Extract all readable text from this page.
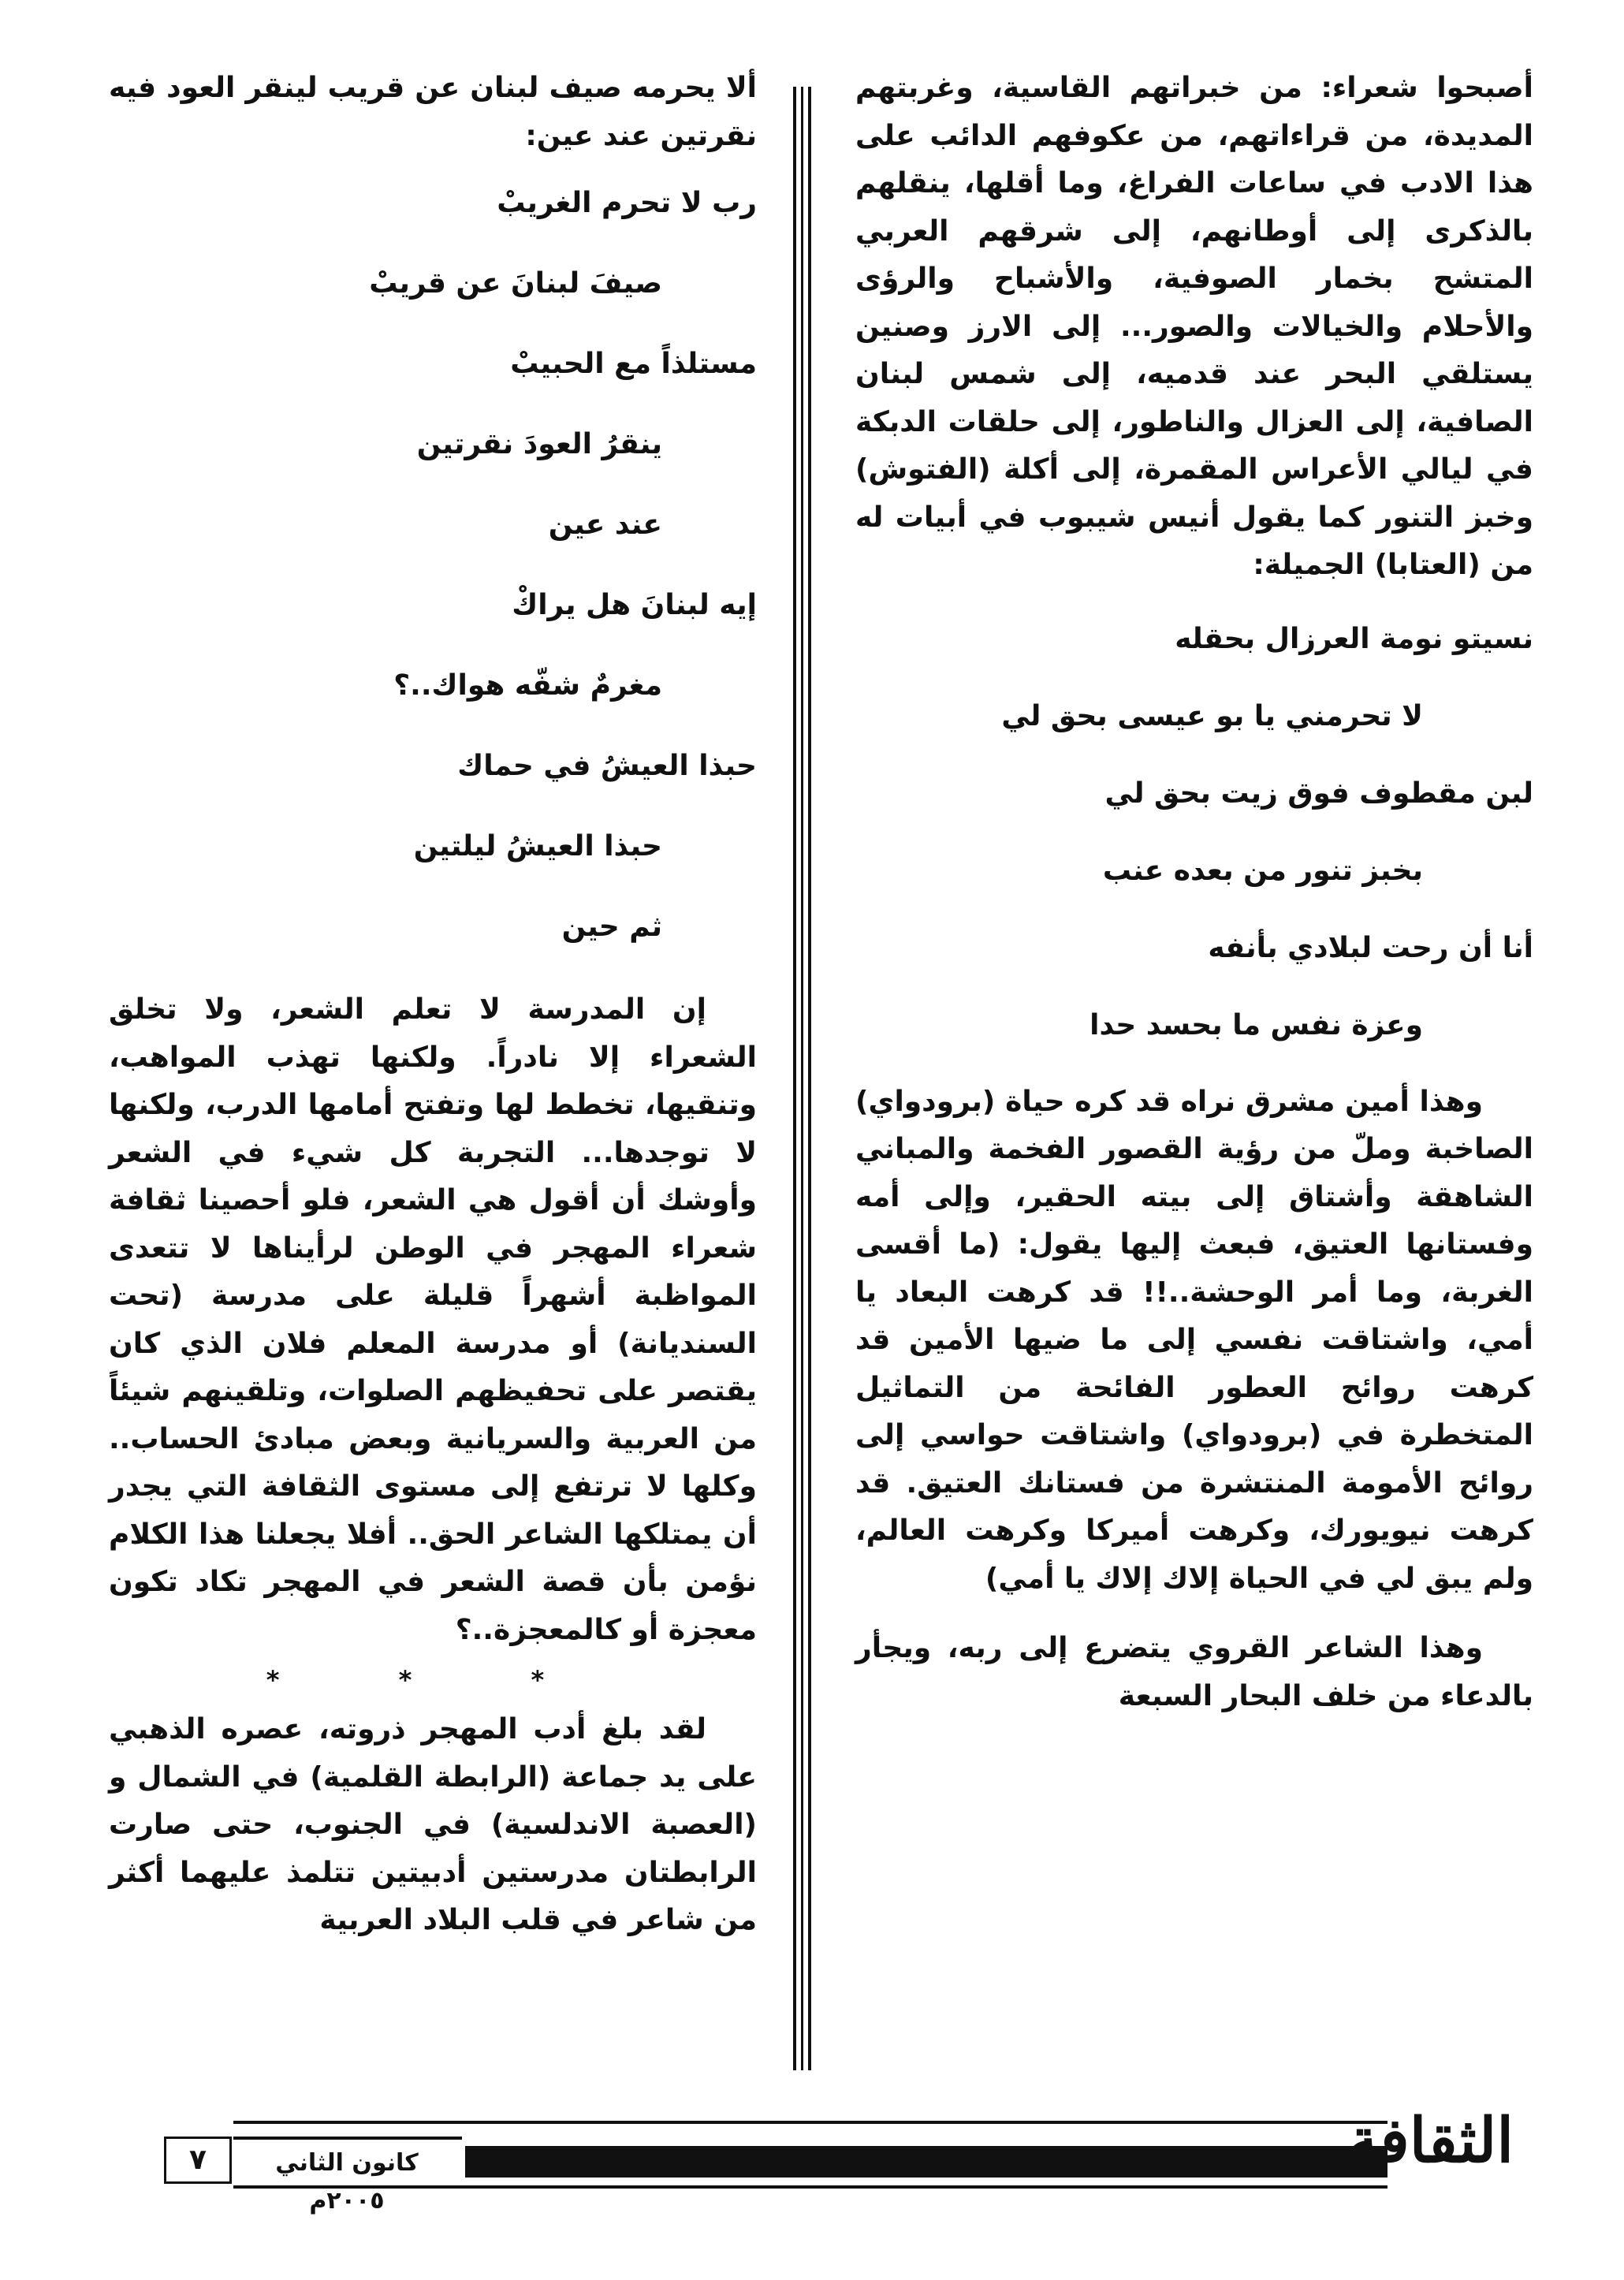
أصبحوا شعراء: من خبراتهم القاسية، وغربتهم المديدة، من قراءاتهم، من عكوفهم الدائب على هذا الادب في ساعات الفراغ، وما أقلها، ينقلهم بالذكرى إلى أوطانهم، إلى شرقهم العربي المتشح بخمار الصوفية، والأشباح والرؤى والأحلام والخيالات والصور... إلى الارز وصنين يستلقي البحر عند قدميه، إلى شمس لبنان الصافية، إلى العزال والناطور، إلى حلقات الدبكة في ليالي الأعراس المقمرة، إلى أكلة (الفتوش) وخبز التنور كما يقول أنيس شيبوب في أبيات له من (العتابا) الجميلة:

نسيتو نومة العرزال بحقله

لا تحرمني يا بو عيسى بحق لي

لبن مقطوف فوق زيت بحق لي

بخبز تنور من بعده عنب

أنا أن رحت لبلادي بأنفه

وعزة نفس ما بحسد حدا

وهذا أمين مشرق نراه قد كره حياة (برودواي) الصاخبة وملّ من رؤية القصور الفخمة والمباني الشاهقة وأشتاق إلى بيته الحقير، وإلى أمه وفستانها العتيق، فبعث إليها يقول: (ما أقسى الغربة، وما أمر الوحشة..!! قد كرهت البعاد يا أمي، واشتاقت نفسي إلى ما ضيها الأمين قد كرهت روائح العطور الفائحة من التماثيل المتخطرة في (برودواي) واشتاقت حواسي إلى روائح الأمومة المنتشرة من فستانك العتيق. قد كرهت نيويورك، وكرهت أميركا وكرهت العالم، ولم يبق لي في الحياة إلاك إلاك يا أمي)

وهذا الشاعر القروي يتضرع إلى ربه، ويجأر بالدعاء من خلف البحار السبعة

ألا يحرمه صيف لبنان عن قريب لينقر العود فيه نقرتين عند عين:

رب لا تحرم الغريبْ

صيفَ لبنانَ عن قريبْ

مستلذاً مع الحبيبْ

ينقرُ العودَ نقرتين

عند عين

إيه لبنانَ هل يراكْ

مغرمٌ شفّه هواك..؟

حبذا العيشُ في حماك

حبذا العيشُ ليلتين

ثم حين

إن المدرسة لا تعلم الشعر، ولا تخلق الشعراء إلا نادراً. ولكنها تهذب المواهب، وتنقيها، تخطط لها وتفتح أمامها الدرب، ولكنها لا توجدها... التجربة كل شيء في الشعر وأوشك أن أقول هي الشعر، فلو أحصينا ثقافة شعراء المهجر في الوطن لرأيناها لا تتعدى المواظبة أشهراً قليلة على مدرسة (تحت السنديانة) أو مدرسة المعلم فلان الذي كان يقتصر على تحفيظهم الصلوات، وتلقينهم شيئاً من العربية والسريانية وبعض مبادئ الحساب.. وكلها لا ترتفع إلى مستوى الثقافة التي يجدر أن يمتلكها الشاعر الحق.. أفلا يجعلنا هذا الكلام نؤمن بأن قصة الشعر في المهجر تكاد تكون معجزة أو كالمعجزة..؟

* * *

لقد بلغ أدب المهجر ذروته، عصره الذهبي على يد جماعة (الرابطة القلمية) في الشمال و (العصبة الاندلسية) في الجنوب، حتى صارت الرابطتان مدرستين أدبيتين تتلمذ عليهما أكثر من شاعر في قلب البلاد العربية

الثقافة
كانون الثاني ٢٠٠٥م
٧
